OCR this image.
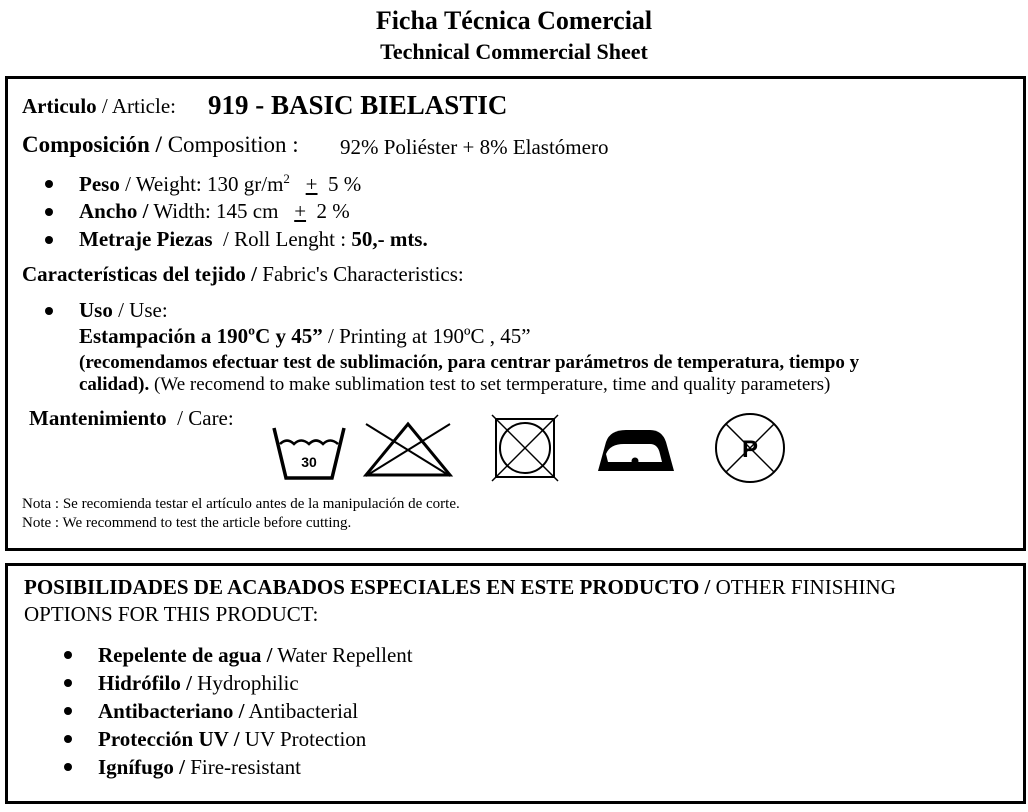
Ficha Técnica Comercial
Technical Commercial Sheet
Articulo / Article: 919 - BASIC BIELASTIC
Composición / Composition : 92% Poliéster + 8% Elastómero
Peso / Weight: 130 $gr/m^2 + 5$ %
Ancho / Width: 145 cm + 2 %
Metraje Piezas / Roll Lenght : 50,- mts.
Características del tejido / Fabric's Characteristics:
Uso / Use:
Estampación a 190ºC y 45” / Printing at 190ºC , 45”
(recomendamos efectuar test de sublimación, para centrar parámetros de temperatura, tiempo y
calidad). (We recomend to make sublimation test to set termperature, time and quality parameters)
Mantenimiento / Care:
30	P
Nota : Se recomienda testar el artículo antes de la manipulación de corte.
Note : We recommend to test the article before cutting.
POSIBILIDADES DE ACABADOS ESPECIALES EN ESTE PRODUCTO / OTHER FINISHING
OPTIONS FOR THIS PRODUCT:
Repelente de agua / Water Repellent
Hidrófilo / Hydrophilic
Antibacteriano / Antibacterial
Protección UV / UV Protection
Ignífugo / Fire-resistant
